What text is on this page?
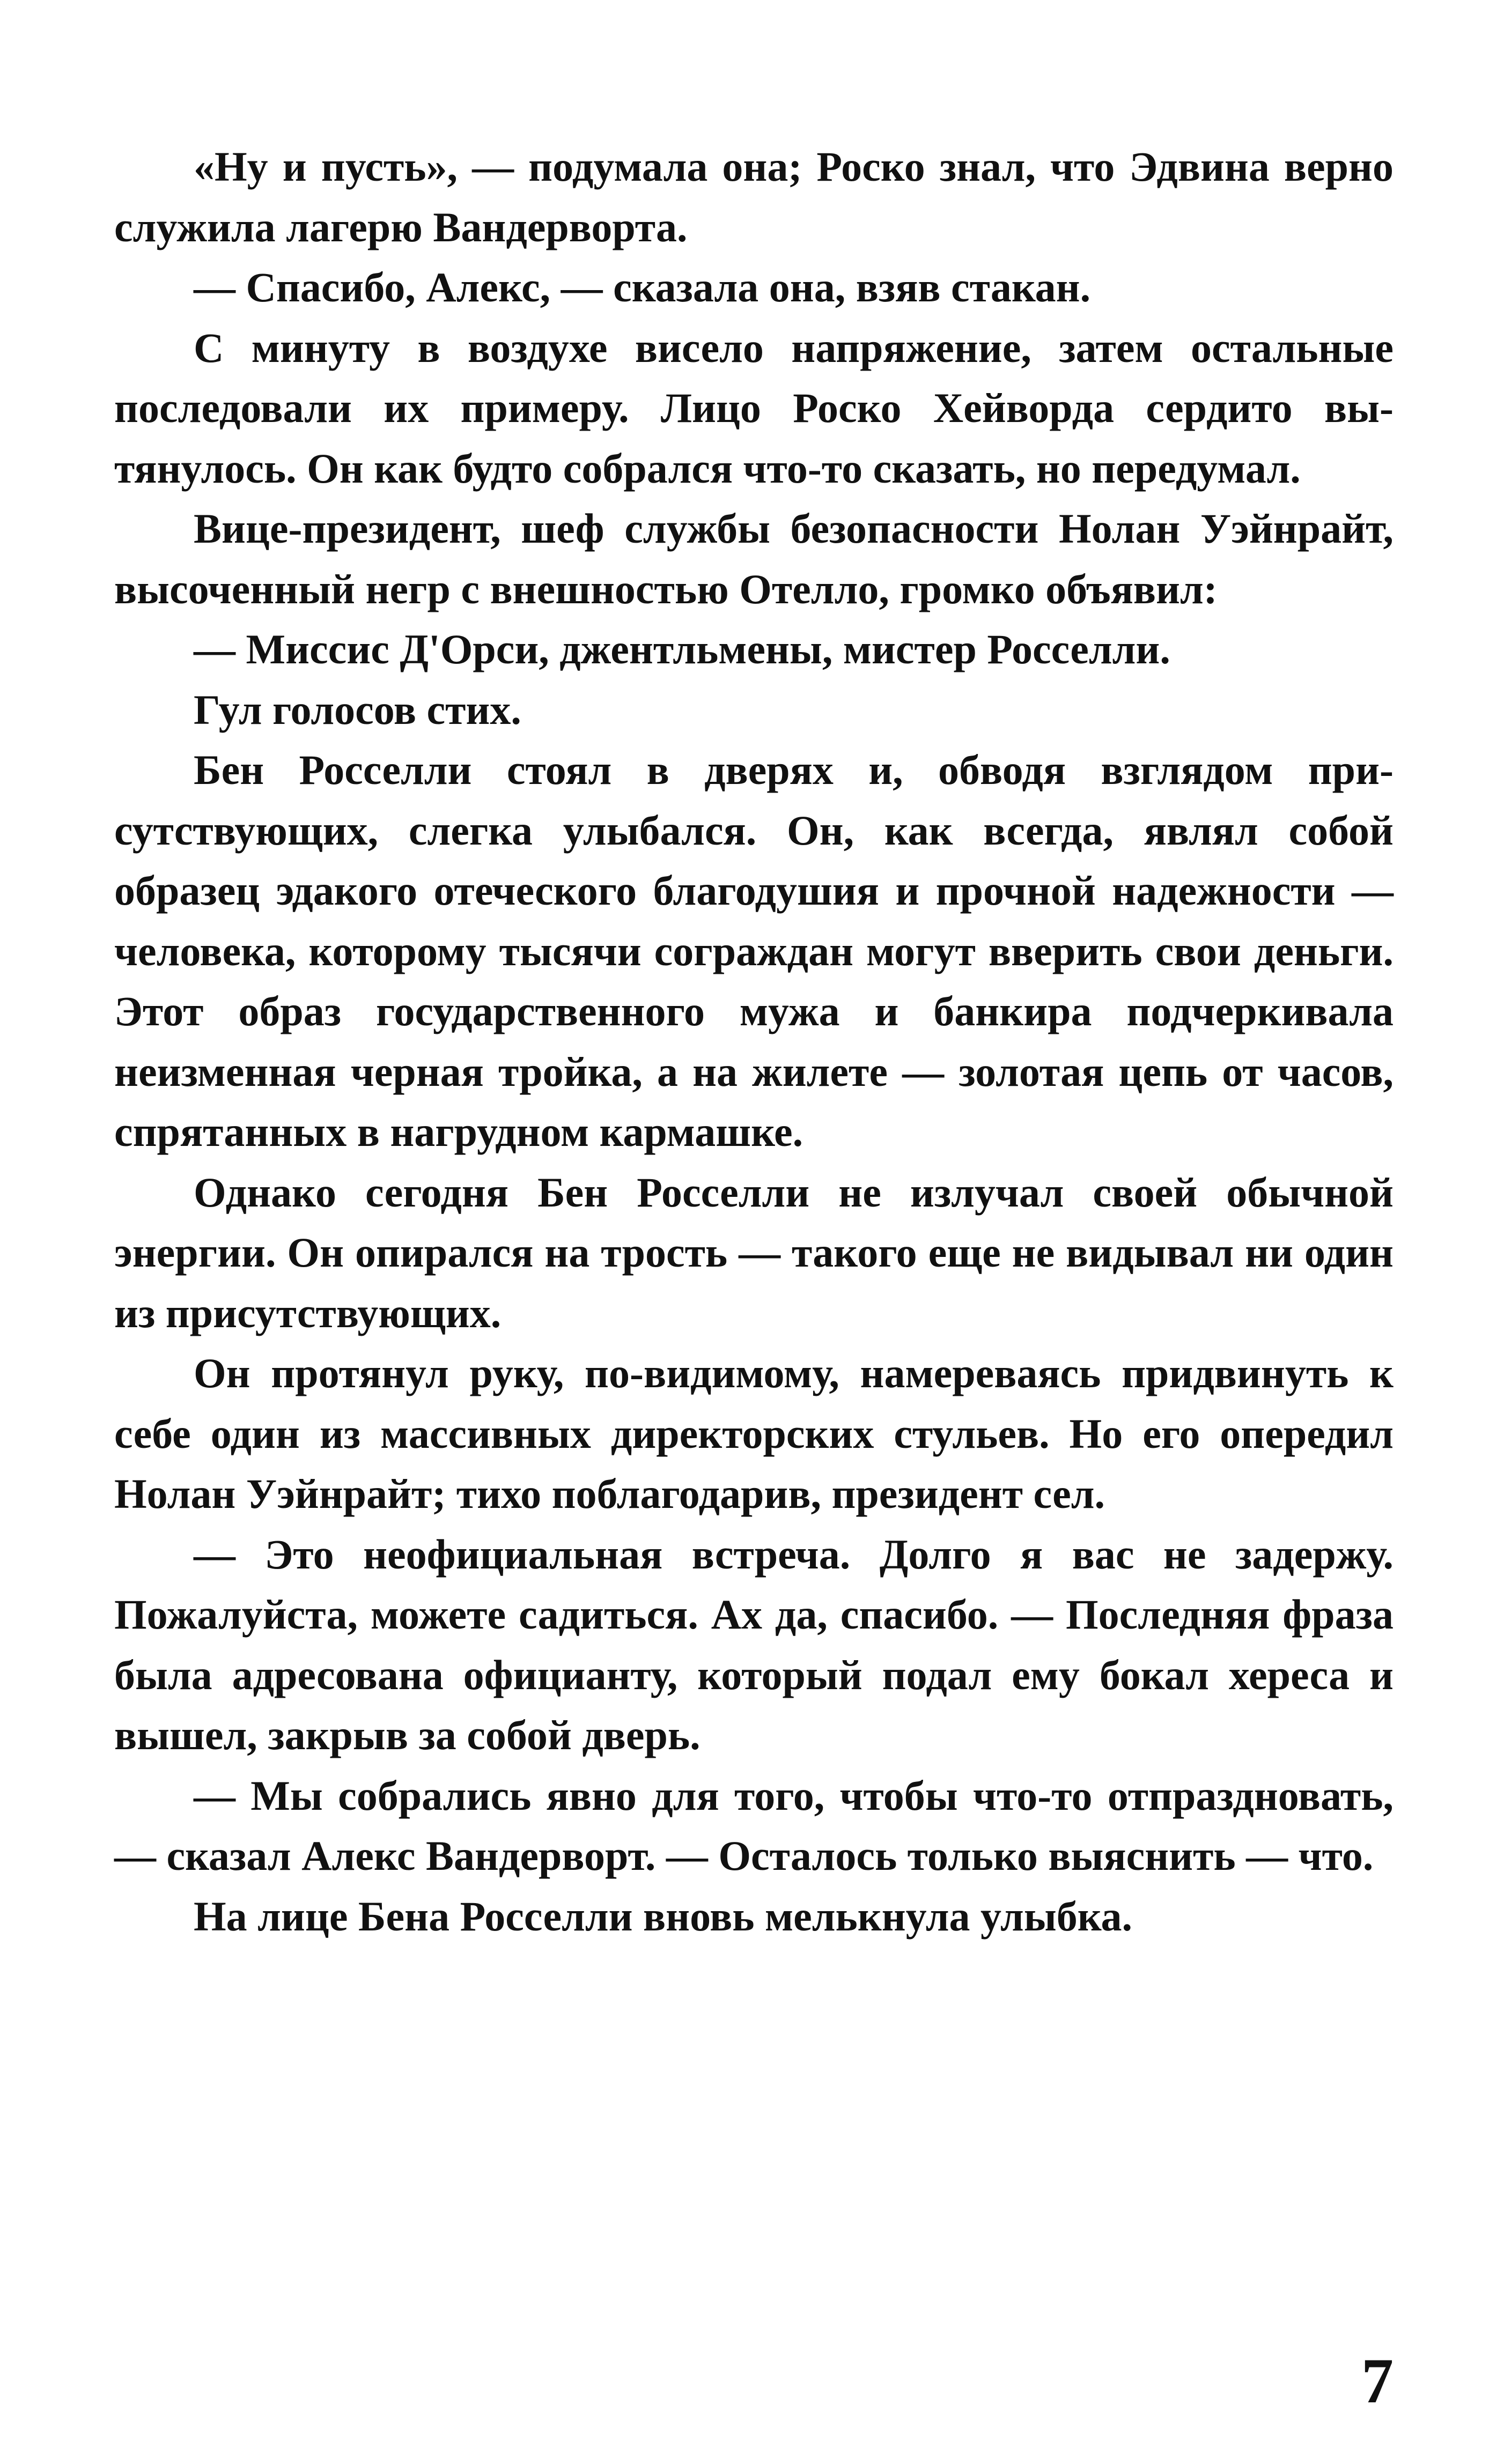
«Ну и пусть», — подумала она; Роско знал, что Эдвина верно служила лагерю Вандерворта.

— Спасибо, Алекс, — сказала она, взяв стакан.

С минуту в воздухе висело напряжение, затем остальные последовали их примеру. Лицо Роско Хейворда сердито вытянулось. Он как будто собрался что-то сказать, но передумал.

Вице-президент, шеф службы безопасности Нолан Уэйнрайт, высоченный негр с внешностью Отелло, громко объявил:

— Миссис Д'Орси, джентльмены, мистер Росселли.

Гул голосов стих.

Бен Росселли стоял в дверях и, обводя взглядом присутствующих, слегка улыбался. Он, как всегда, являл собой образец эдакого отеческого благодушия и прочной надежности — человека, которому тысячи сограждан могут вверить свои деньги. Этот образ государственного мужа и банкира подчеркивала неизменная черная тройка, а на жилете — золотая цепь от часов, спрятанных в нагрудном кармашке.

Однако сегодня Бен Росселли не излучал своей обычной энергии. Он опирался на трость — такого еще не видывал ни один из присутствующих.

Он протянул руку, по-видимому, намереваясь придвинуть к себе один из массивных директорских стульев. Но его опередил Нолан Уэйнрайт; тихо поблагодарив, президент сел.

— Это неофициальная встреча. Долго я вас не задержу. Пожалуйста, можете садиться. Ах да, спасибо. — Последняя фраза была адресована официанту, который подал ему бокал хереса и вышел, закрыв за собой дверь.

— Мы собрались явно для того, чтобы что-то отпраздновать, — сказал Алекс Вандерворт. — Осталось только выяснить — что.

На лице Бена Росселли вновь мелькнула улыбка.

7
